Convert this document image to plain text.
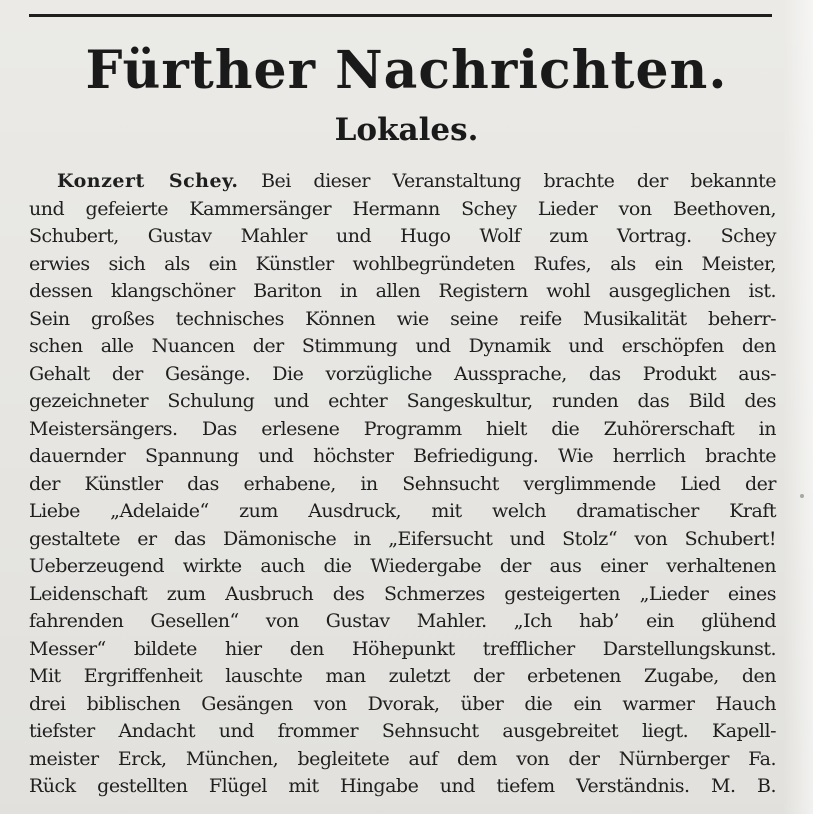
Fürther Nachrichten.
Lokales.
Konzert Schey. Bei dieser Veranstaltung brachte der bekannte
und gefeierte Kammersänger Hermann Schey Lieder von Beethoven,
Schubert, Gustav Mahler und Hugo Wolf zum Vortrag. Schey
erwies sich als ein Künstler wohlbegründeten Rufes, als ein Meister,
dessen klangschöner Bariton in allen Registern wohl ausgeglichen ist.
Sein großes technisches Können wie seine reife Musikalität beherr-
schen alle Nuancen der Stimmung und Dynamik und erschöpfen den
Gehalt der Gesänge. Die vorzügliche Aussprache, das Produkt aus-
gezeichneter Schulung und echter Sangeskultur, runden das Bild des
Meistersängers. Das erlesene Programm hielt die Zuhörerschaft in
dauernder Spannung und höchster Befriedigung. Wie herrlich brachte
der Künstler das erhabene, in Sehnsucht verglimmende Lied der
Liebe „Adelaide“ zum Ausdruck, mit welch dramatischer Kraft
gestaltete er das Dämonische in „Eifersucht und Stolz“ von Schubert!
Ueberzeugend wirkte auch die Wiedergabe der aus einer verhaltenen
Leidenschaft zum Ausbruch des Schmerzes gesteigerten „Lieder eines
fahrenden Gesellen“ von Gustav Mahler. „Ich hab’ ein glühend
Messer“ bildete hier den Höhepunkt trefflicher Darstellungskunst.
Mit Ergriffenheit lauschte man zuletzt der erbetenen Zugabe, den
drei biblischen Gesängen von Dvorak, über die ein warmer Hauch
tiefster Andacht und frommer Sehnsucht ausgebreitet liegt. Kapell-
meister Erck, München, begleitete auf dem von der Nürnberger Fa.
Rück gestellten Flügel mit Hingabe und tiefem Verständnis. M. B.
